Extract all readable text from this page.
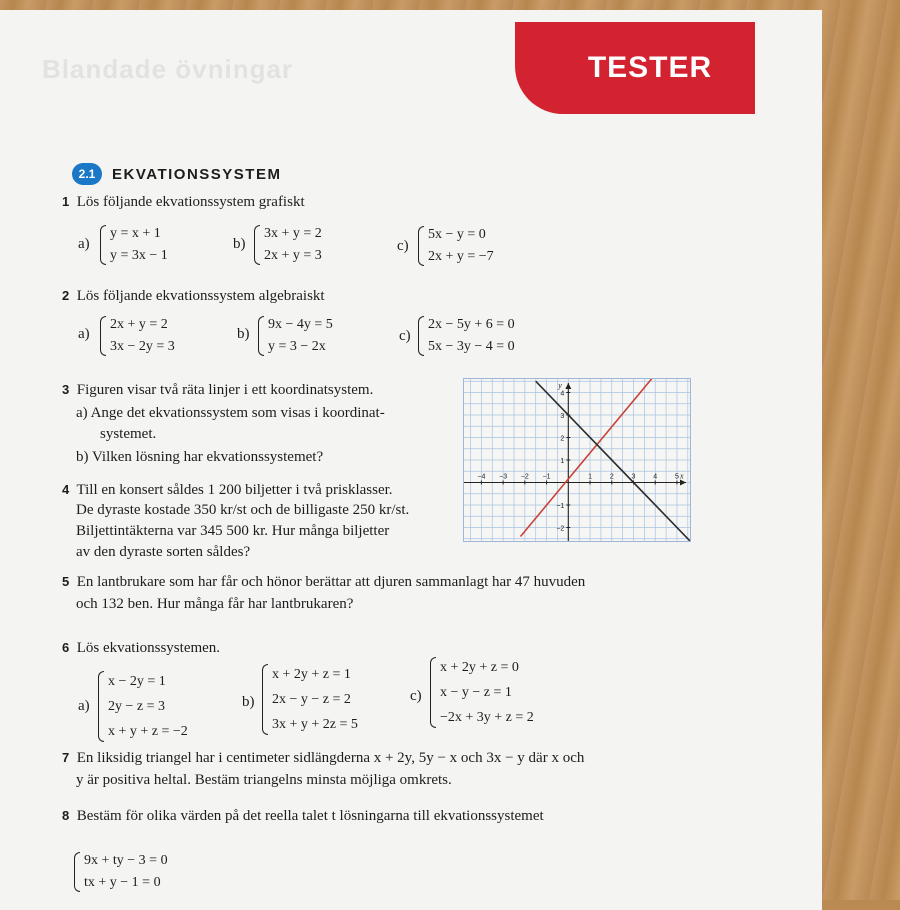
Blandade övningar	TESTER
2.1	EKVATIONSSYSTEM
1 Lös följande ekvationssystem grafiskt
a)
y = x + 1
y = 3x − 1
b)
3x + y = 2
2x + y = 3
c)
5x − y = 0
2x + y = −7
2 Lös följande ekvationssystem algebraiskt
a)
2x + y = 2
3x − 2y = 3
b)
9x − 4y = 5
y = 3 − 2x
c)
2x − 5y + 6 = 0
5x − 3y − 4 = 0
3 Figuren visar två räta linjer i ett koordinatsystem.
a) Ange det ekvationssystem som visas i koordinat-
systemet.
b) Vilken lösning har ekvationssystemet?
−4 −3 −2 −1	1	2	3	4	5
−2
−1
1
2
3
4
x
y
4 Till en konsert såldes 1 200 biljetter i två prisklasser.
De dyraste kostade 350 kr/st och de billigaste 250 kr/st.
Biljettintäkterna var 345 500 kr. Hur många biljetter
av den dyraste sorten såldes?
5 En lantbrukare som har får och hönor berättar att djuren sammanlagt har 47 huvuden
och 132 ben. Hur många får har lantbrukaren?
6 Lös ekvationssystemen.
a)
x − 2y = 1
2y − z = 3
x + y + z = −2
b)
x + 2y + z = 1
2x − y − z = 2
3x + y + 2z = 5
c)
x + 2y + z = 0
x − y − z = 1
−2x + 3y + z = 2
7 En liksidig triangel har i centimeter sidlängderna x + 2y, 5y − x och 3x − y där x och
y är positiva heltal. Bestäm triangelns minsta möjliga omkrets.
8 Bestäm för olika värden på det reella talet t lösningarna till ekvationssystemet
9x + ty − 3 = 0
tx + y − 1 = 0
